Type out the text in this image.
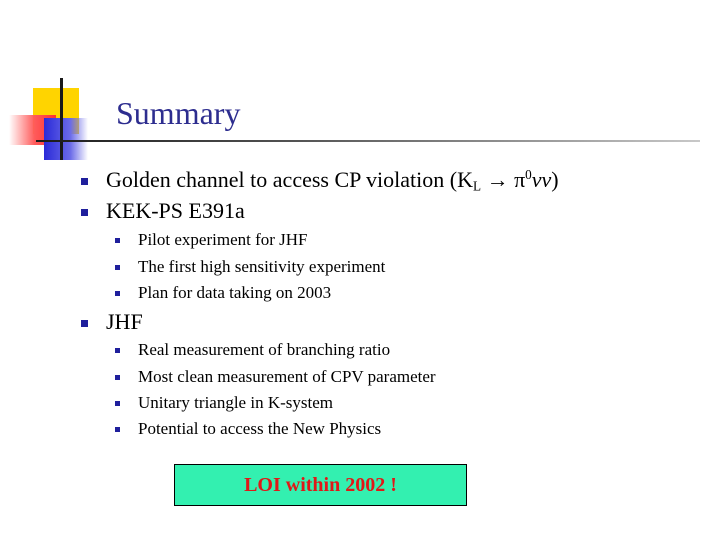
Summary
Golden channel to access CP violation $(K_L \to \pi^0\nu\nu)$
KEK-PS E391a
Pilot experiment for JHF
The first high sensitivity experiment
Plan for data taking on 2003
JHF
Real measurement of branching ratio
Most clean measurement of CPV parameter
Unitary triangle in K-system
Potential to access the New Physics
LOI within 2002 !
